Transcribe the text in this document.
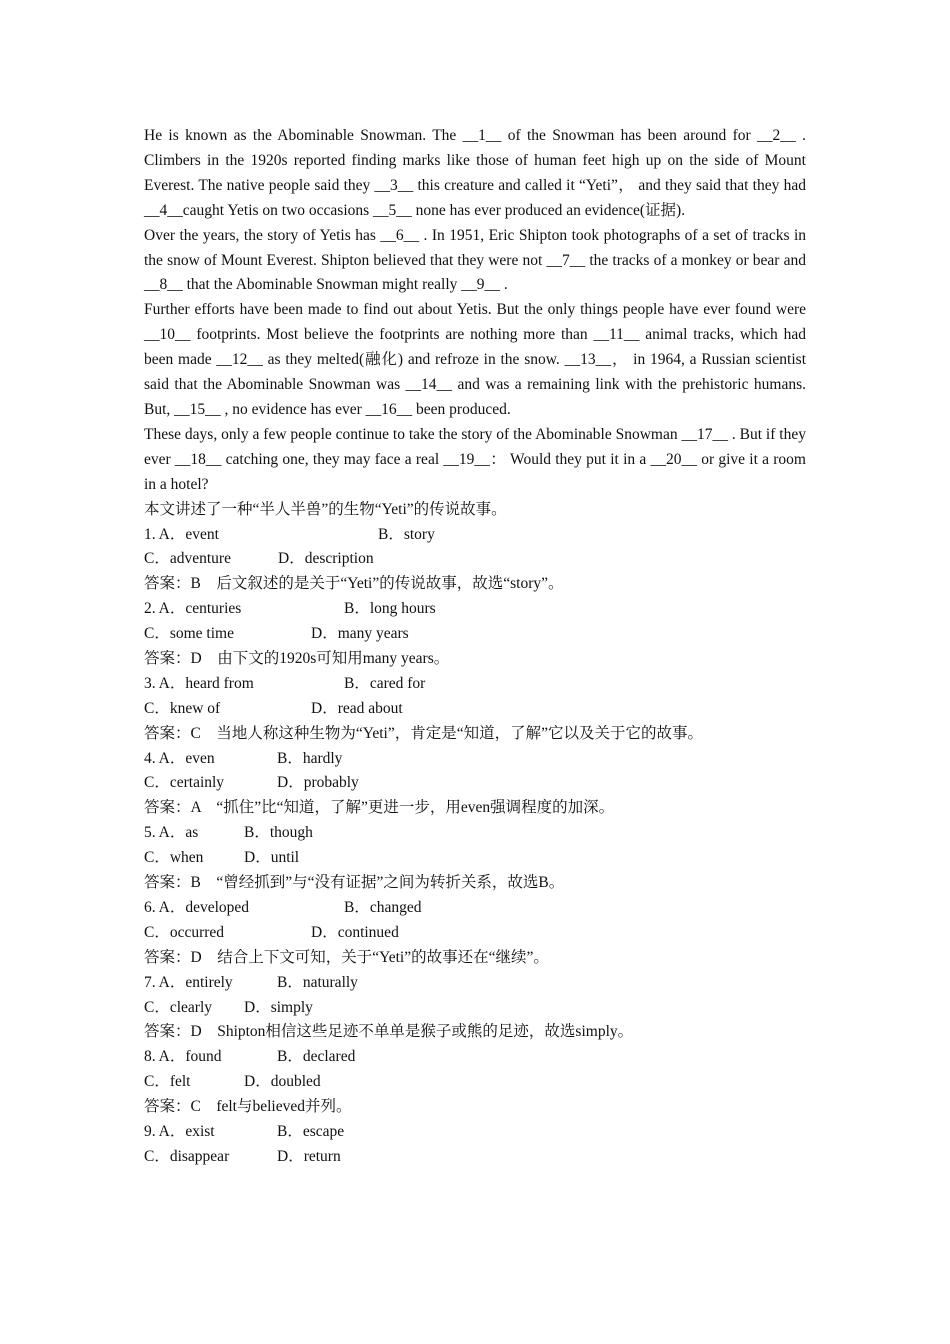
He is known as the Abominable Snowman. The __1__ of the Snowman has been around for __2__ . Climbers in the 1920s reported finding marks like those of human feet high up on the side of Mount Everest. The native people said they __3__ this creature and called it “Yeti”， and they said that they had __4__caught Yetis on two occasions __5__ none has ever produced an evidence(证据).

Over the years, the story of Yetis has __6__ . In 1951, Eric Shipton took photographs of a set of tracks in the snow of Mount Everest. Shipton believed that they were not __7__ the tracks of a monkey or bear and __8__ that the Abominable Snowman might really __9__ .

Further efforts have been made to find out about Yetis. But the only things people have ever found were __10__ footprints. Most believe the footprints are nothing more than __11__ animal tracks, which had been made __12__ as they melted(融化) and refroze in the snow. __13__， in 1964, a Russian scientist said that the Abominable Snowman was __14__ and was a remaining link with the prehistoric humans. But, __15__ , no evidence has ever __16__ been produced.

These days, only a few people continue to take the story of the Abominable Snowman __17__ . But if they ever __18__ catching one, they may face a real __19__： Would they put it in a __20__ or give it a room in a hotel?

本文讲述了一种“半人半兽”的生物“Yeti”的传说故事。

1. A．event	B．story
C．adventure	D．description

答案：B　后文叙述的是关于“Yeti”的传说故事，故选“story”。

2. A．centuries	B．long hours
C．some time	D．many years

答案：D　由下文的1920s可知用many years。

3. A．heard from	B．cared for
C．knew of	D．read about

答案：C　当地人称这种生物为“Yeti”，肯定是“知道，了解”它以及关于它的故事。

4. A．even	B．hardly
C．certainly	D．probably

答案：A　“抓住”比“知道，了解”更进一步，用even强调程度的加深。

5. A．as	B．though
C．when	D．until

答案：B　“曾经抓到”与“没有证据”之间为转折关系，故选B。

6. A．developed	B．changed
C．occurred	D．continued

答案：D　结合上下文可知，关于“Yeti”的故事还在“继续”。

7. A．entirely	B．naturally
C．clearly D．simply

答案：D　Shipton相信这些足迹不单单是猴子或熊的足迹，故选simply。

8. A．found	B．declared
C．felt	D．doubled

答案：C　felt与believed并列。

9. A．exist	B．escape
C．disappear	D．return
